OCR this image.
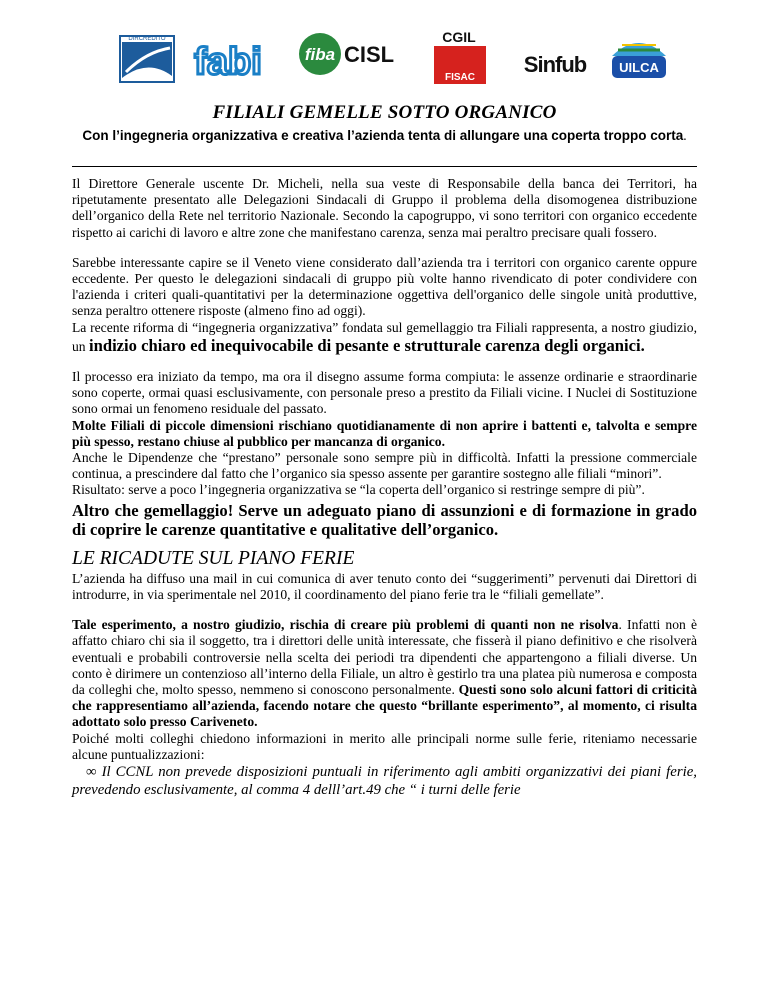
DIRCREDITO
FD fabi	fiba CISL
CGIL
FISAC
Sinfub	UILCA
FILIALI GEMELLE SOTTO ORGANICO
Con l’ingegneria organizzativa e creativa l’azienda tenta di allungare una coperta troppo corta.

Il Direttore Generale uscente Dr. Micheli, nella sua veste di Responsabile della banca dei Territori, ha ripetutamente presentato alle Delegazioni Sindacali di Gruppo il problema della disomogenea distribuzione dell’organico della Rete nel territorio Nazionale. Secondo la capogruppo, vi sono territori con organico eccedente rispetto ai carichi di lavoro e altre zone che manifestano carenza, senza mai peraltro precisare quali fossero.

Sarebbe interessante capire se il Veneto viene considerato dall’azienda tra i territori con organico carente oppure eccedente. Per questo le delegazioni sindacali di gruppo più volte hanno rivendicato di poter condividere con l'azienda i criteri quali-quantitativi per la determinazione oggettiva dell'organico delle singole unità produttive, senza peraltro ottenere risposte (almeno fino ad oggi).

La recente riforma di “ingegneria organizzativa” fondata sul gemellaggio tra Filiali rappresenta, a nostro giudizio, un indizio chiaro ed inequivocabile di pesante e strutturale carenza degli organici.

Il processo era iniziato da tempo, ma ora il disegno assume forma compiuta: le assenze ordinarie e straordinarie sono coperte, ormai quasi esclusivamente, con personale preso a prestito da Filiali vicine. I Nuclei di Sostituzione sono ormai un fenomeno residuale del passato.

Molte Filiali di piccole dimensioni rischiano quotidianamente di non aprire i battenti e, talvolta e sempre più spesso, restano chiuse al pubblico per mancanza di organico.

Anche le Dipendenze che “prestano” personale sono sempre più in difficoltà. Infatti la pressione commerciale continua, a prescindere dal fatto che l’organico sia spesso assente per garantire sostegno alle filiali “minori”.

Risultato: serve a poco l’ingegneria organizzativa se “la coperta dell’organico si restringe sempre di più”.

Altro che gemellaggio! Serve un adeguato piano di assunzioni e di formazione in grado di coprire le carenze quantitative e qualitative dell’organico.

LE RICADUTE SUL PIANO FERIE

L’azienda ha diffuso una mail in cui comunica di aver tenuto conto dei “suggerimenti” pervenuti dai Direttori di introdurre, in via sperimentale nel 2010, il coordinamento del piano ferie tra le “filiali gemellate”.

Tale esperimento, a nostro giudizio, rischia di creare più problemi di quanti non ne risolva. Infatti non è affatto chiaro chi sia il soggetto, tra i direttori delle unità interessate, che fisserà il piano definitivo e che risolverà eventuali e probabili controversie nella scelta dei periodi tra dipendenti che appartengono a filiali diverse. Un conto è dirimere un contenzioso all’interno della Filiale, un altro è gestirlo tra una platea più numerosa e composta da colleghi che, molto spesso, nemmeno si conoscono personalmente. Questi sono solo alcuni fattori di criticità che rappresentiamo all’azienda, facendo notare che questo “brillante esperimento”, al momento, ci risulta adottato solo presso Cariveneto.

Poiché molti colleghi chiedono informazioni in merito alle principali norme sulle ferie, riteniamo necessarie alcune puntualizzazioni:

∞ Il CCNL non prevede disposizioni puntuali in riferimento agli ambiti organizzativi dei piani ferie, prevedendo esclusivamente, al comma 4 delll’art.49 che “ i turni delle ferie
